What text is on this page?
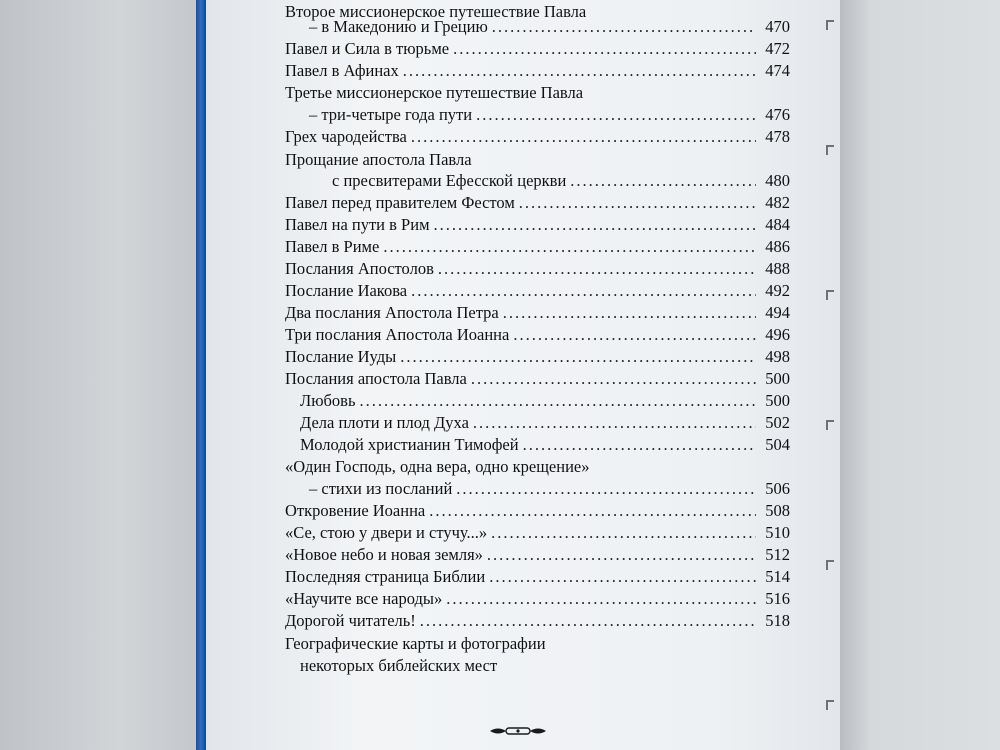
Второе миссионерское путешествие Павла
– в Македонию и Грецию .....	470
Павел и Сила в тюрьме .....	472
Павел в Афинах .....	474
Третье миссионерское путешествие Павла
– три-четыре года пути .....	476
Грех чародейства .....	478
Прощание апостола Павла
с пресвитерами Ефесской церкви .....	480
Павел перед правителем Фестом .....	482
Павел на пути в Рим .....	484
Павел в Риме .....	486
Послания Апостолов .....	488
Послание Иакова .....	492
Два послания Апостола Петра .....	494
Три послания Апостола Иоанна .....	496
Послание Иуды .....	498
Послания апостола Павла .....	500
Любовь .....	500
Дела плоти и плод Духа .....	502
Молодой христианин Тимофей .....	504
«Один Господь, одна вера, одно крещение»
– стихи из посланий .....	506
Откровение Иоанна .....	508
«Се, стою у двери и стучу...» .....	510
«Новое небо и новая земля» .....	512
Последняя страница Библии .....	514
«Научите все народы» .....	516
Дорогой читатель! .....	518
Географические карты и фотографии
некоторых библейских мест
